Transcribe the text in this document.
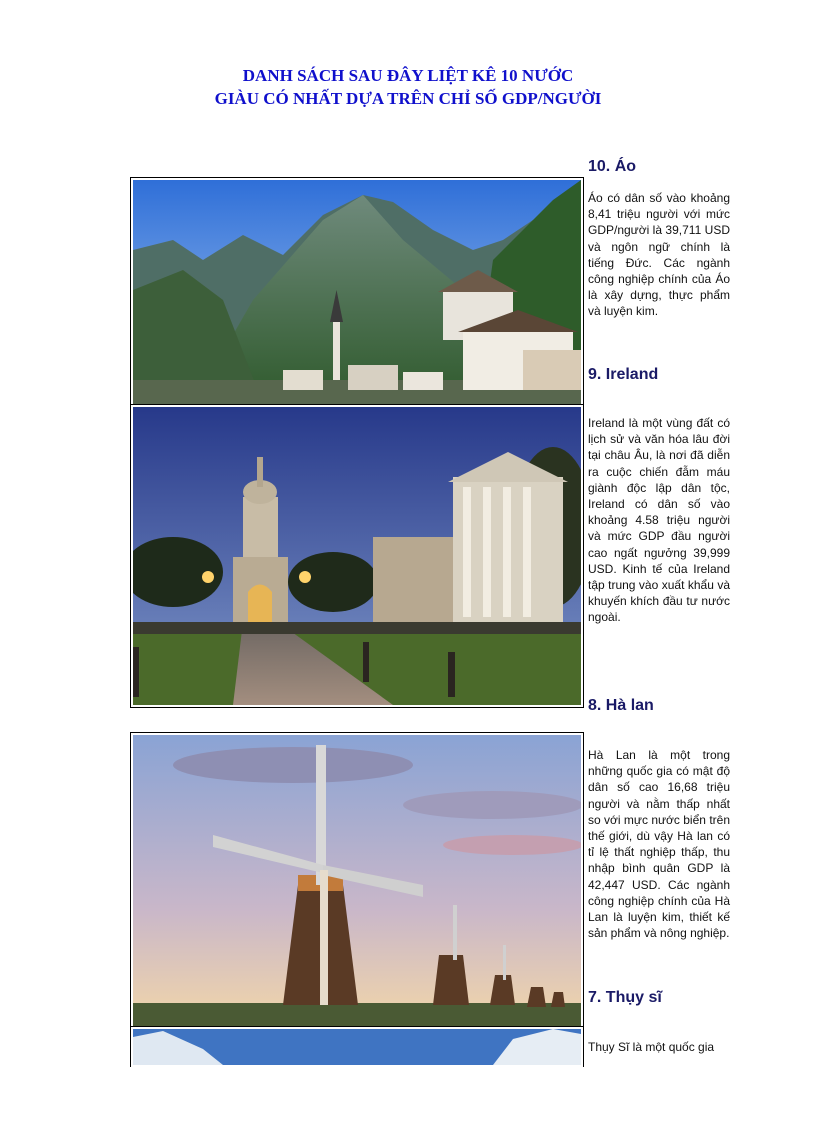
DANH SÁCH SAU ĐÂY LIỆT KÊ 10 NƯỚC
GIÀU CÓ NHẤT DỰA TRÊN CHỈ SỐ GDP/NGƯỜI
10. Áo

Áo có dân số vào khoảng 8,41 triệu người với mức GDP/người là 39,711 USD và ngôn ngữ chính là tiếng Đức. Các ngành công nghiệp chính của Áo là xây dựng, thực phẩm và luyện kim.

9. Ireland

Ireland là một vùng đất có lịch sử và văn hóa lâu đời tại châu Âu, là nơi đã diễn ra cuộc chiến đẫm máu giành độc lập dân tộc, Ireland có dân số vào khoảng 4.58 triệu người và mức GDP đầu người cao ngất ngưởng 39,999 USD. Kinh tế của Ireland tập trung vào xuất khẩu và khuyến khích đầu tư nước ngoài.

8. Hà lan

Hà Lan là một trong những quốc gia có mật độ dân số cao 16,68 triệu người và nằm thấp nhất so với mực nước biển trên thế giới, dù vậy Hà lan có tỉ lệ thất nghiệp thấp, thu nhập bình quân GDP là 42,447 USD. Các ngành công nghiệp chính của Hà Lan là luyện kim, thiết kế sản phẩm và nông nghiệp.

7. Thụy sĩ

Thụy Sĩ là một quốc gia
